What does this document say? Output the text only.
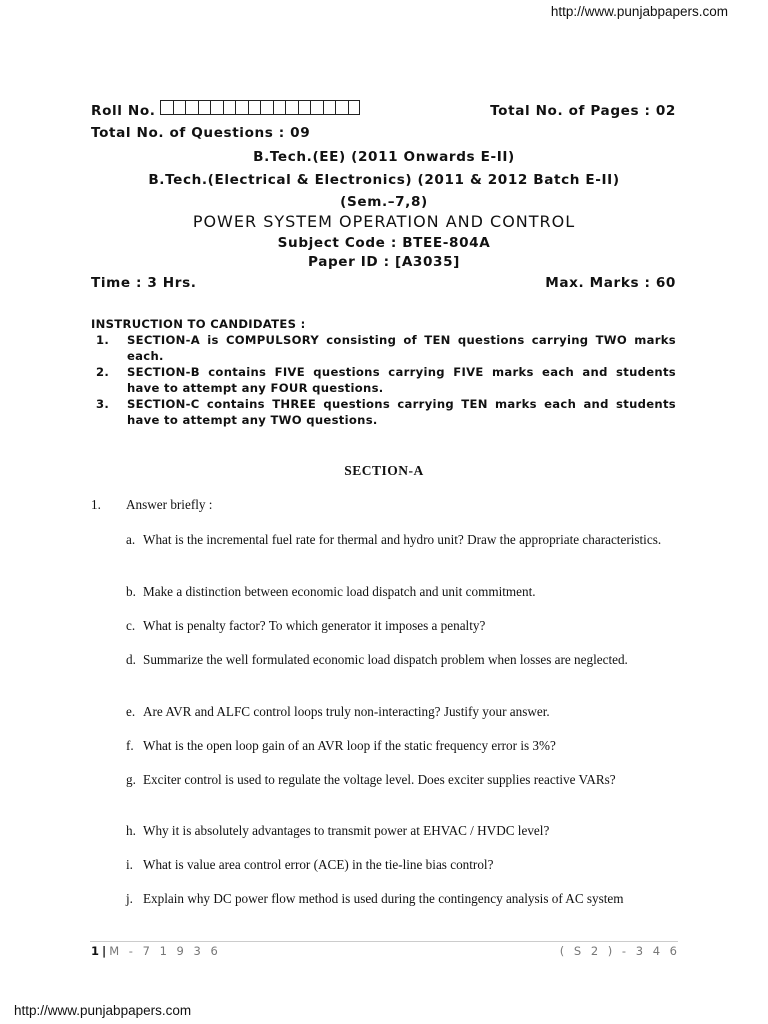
http://www.punjabpapers.com
Roll No.	Total No. of Pages : 02
Total No. of Questions : 09
B.Tech.(EE) (2011 Onwards E-II)
B.Tech.(Electrical & Electronics) (2011 & 2012 Batch E-II)
(Sem.–7,8)
POWER SYSTEM OPERATION AND CONTROL
Subject Code : BTEE-804A
Paper ID : [A3035]
Time : 3 Hrs.	Max. Marks : 60
INSTRUCTION TO CANDIDATES :
1. SECTION-A is COMPULSORY consisting of TEN questions carrying TWO marks each.
2. SECTION-B contains FIVE questions carrying FIVE marks each and students have to attempt any FOUR questions.
3. SECTION-C contains THREE questions carrying TEN marks each and students have to attempt any TWO questions.
SECTION-A
1. Answer briefly :
a. What is the incremental fuel rate for thermal and hydro unit? Draw the appropriate characteristics.
b. Make a distinction between economic load dispatch and unit commitment.
c. What is penalty factor? To which generator it imposes a penalty?
d. Summarize the well formulated economic load dispatch problem when losses are neglected.
e. Are AVR and ALFC control loops truly non-interacting? Justify your answer.
f. What is the open loop gain of an AVR loop if the static frequency error is 3%?
g. Exciter control is used to regulate the voltage level. Does exciter supplies reactive VARs?
h. Why it is absolutely advantages to transmit power at EHVAC / HVDC level?
i. What is value area control error (ACE) in the tie-line bias control?
j. Explain why DC power flow method is used during the contingency analysis of AC system
1 | M - 7 1 9 3 6	( S 2 ) - 3 4 6
http://www.punjabpapers.com
